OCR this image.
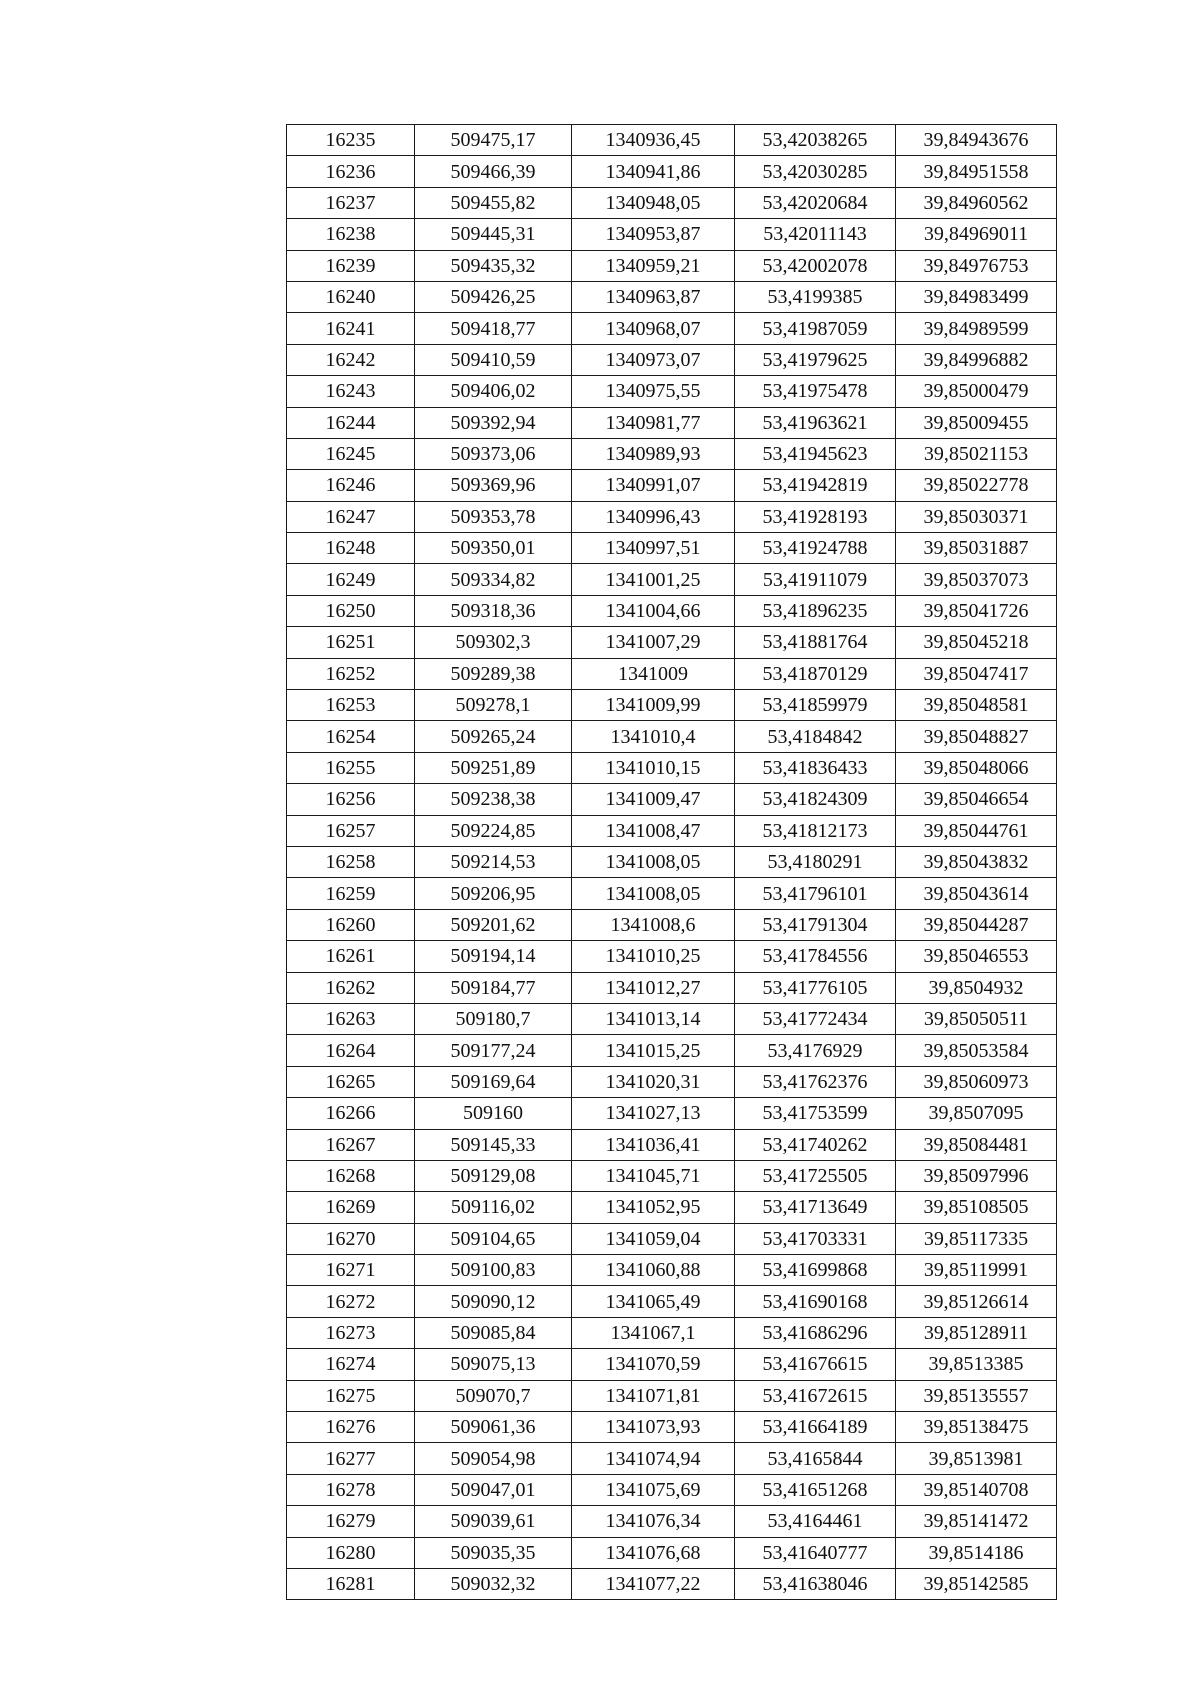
16235	509475,17	1340936,45	53,42038265	39,84943676
16236	509466,39	1340941,86	53,42030285	39,84951558
16237	509455,82	1340948,05	53,42020684	39,84960562
16238	509445,31	1340953,87	53,42011143	39,84969011
16239	509435,32	1340959,21	53,42002078	39,84976753
16240	509426,25	1340963,87	53,4199385	39,84983499
16241	509418,77	1340968,07	53,41987059	39,84989599
16242	509410,59	1340973,07	53,41979625	39,84996882
16243	509406,02	1340975,55	53,41975478	39,85000479
16244	509392,94	1340981,77	53,41963621	39,85009455
16245	509373,06	1340989,93	53,41945623	39,85021153
16246	509369,96	1340991,07	53,41942819	39,85022778
16247	509353,78	1340996,43	53,41928193	39,85030371
16248	509350,01	1340997,51	53,41924788	39,85031887
16249	509334,82	1341001,25	53,41911079	39,85037073
16250	509318,36	1341004,66	53,41896235	39,85041726
16251	509302,3	1341007,29	53,41881764	39,85045218
16252	509289,38	1341009	53,41870129	39,85047417
16253	509278,1	1341009,99	53,41859979	39,85048581
16254	509265,24	1341010,4	53,4184842	39,85048827
16255	509251,89	1341010,15	53,41836433	39,85048066
16256	509238,38	1341009,47	53,41824309	39,85046654
16257	509224,85	1341008,47	53,41812173	39,85044761
16258	509214,53	1341008,05	53,4180291	39,85043832
16259	509206,95	1341008,05	53,41796101	39,85043614
16260	509201,62	1341008,6	53,41791304	39,85044287
16261	509194,14	1341010,25	53,41784556	39,85046553
16262	509184,77	1341012,27	53,41776105	39,8504932
16263	509180,7	1341013,14	53,41772434	39,85050511
16264	509177,24	1341015,25	53,4176929	39,85053584
16265	509169,64	1341020,31	53,41762376	39,85060973
16266	509160	1341027,13	53,41753599	39,8507095
16267	509145,33	1341036,41	53,41740262	39,85084481
16268	509129,08	1341045,71	53,41725505	39,85097996
16269	509116,02	1341052,95	53,41713649	39,85108505
16270	509104,65	1341059,04	53,41703331	39,85117335
16271	509100,83	1341060,88	53,41699868	39,85119991
16272	509090,12	1341065,49	53,41690168	39,85126614
16273	509085,84	1341067,1	53,41686296	39,85128911
16274	509075,13	1341070,59	53,41676615	39,8513385
16275	509070,7	1341071,81	53,41672615	39,85135557
16276	509061,36	1341073,93	53,41664189	39,85138475
16277	509054,98	1341074,94	53,4165844	39,8513981
16278	509047,01	1341075,69	53,41651268	39,85140708
16279	509039,61	1341076,34	53,4164461	39,85141472
16280	509035,35	1341076,68	53,41640777	39,8514186
16281	509032,32	1341077,22	53,41638046	39,85142585
